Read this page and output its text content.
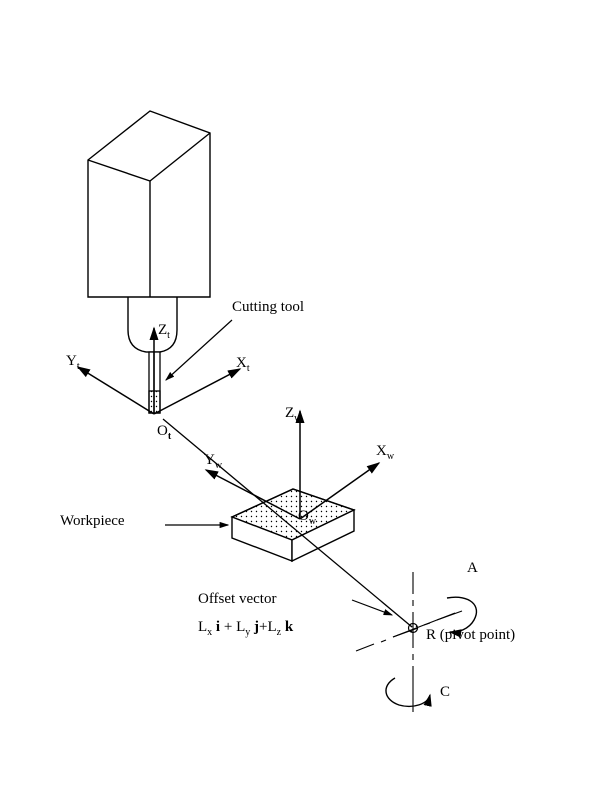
Cutting tool
$X_t$
$Y_t$
$Z_t$
$O_t$
$X_w$
$Y_w$
$Z_w$
$O_w$
Workpiece
Offset vector
$L_x$ $i + L_y$ $j+L_z$ k	R (pivot point)
A
C
